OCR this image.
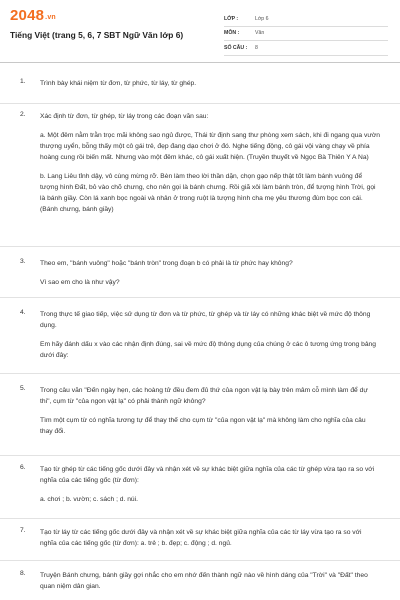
2048.vn
Tiếng Việt (trang 5, 6, 7 SBT Ngữ Văn lớp 6)
LỚP :	Lớp 6
MÔN :	Văn
SỐ CÂU :	8
1. Trình bày khái niệm từ đơn, từ phức, từ láy, từ ghép.

2. Xác định từ đơn, từ ghép, từ láy trong các đoạn văn sau:

a. Một đêm nằm trằn trọc mãi không sao ngủ được, Thái từ định sang thư phòng xem sách, khi đi ngang qua vườn thượng uyển, bỗng thấy một cô gái trẻ, đẹp đang dạo chơi ở đó. Nghe tiếng động, cô gái vội vàng chạy về phía hoàng cung rồi biến mất. Nhưng vào một đêm khác, cô gái xuất hiện. (Truyền thuyết về Ngọc Bà Thiên Y A Na)

b. Lang Liêu tỉnh dậy, vô cùng mừng rỡ. Bèn làm theo lời thần dặn, chọn gạo nếp thật tốt làm bánh vuông để tượng hình Đất, bỏ vào chõ chưng, cho nên gọi là bánh chưng. Rồi giã xôi làm bánh tròn, để tượng hình Trời, gọi là bánh giầy. Còn lá xanh bọc ngoài và nhân ở trong ruột là tượng hình cha mẹ yêu thương đùm bọc con cái. (Bánh chưng, bánh giầy)

3. Theo em, "bánh vuông" hoặc "bánh tròn" trong đoạn b có phải là từ phức hay không?

Vì sao em cho là như vậy?

4. Trong thực tế giao tiếp, việc sử dụng từ đơn và từ phức, từ ghép và từ láy có những khác biệt về mức độ thông dụng.

Em hãy đánh dấu x vào các nhận định đúng, sai về mức độ thông dụng của chúng ở các ô tương ứng trong bảng dưới đây:

5. Trong câu văn "Đến ngày hẹn, các hoàng tử đều đem đủ thứ của ngon vật lạ bày trên mâm cỗ mình làm để dự thi", cụm từ "của ngon vật lạ" có phải thành ngữ không?

Tìm một cụm từ có nghĩa tương tự để thay thế cho cụm từ "của ngon vật lạ" mà không làm cho nghĩa của câu thay đổi.

6. Tạo từ ghép từ các tiếng gốc dưới đây và nhận xét về sự khác biệt giữa nghĩa của các từ ghép vừa tạo ra so với nghĩa của các tiếng gốc (từ đơn):

a. chơi ; b. vườn; c. sách ; d. núi.

7. Tạo từ láy từ các tiếng gốc dưới đây và nhận xét về sự khác biệt giữa nghĩa của các từ láy vừa tạo ra so với nghĩa của các tiếng gốc (từ đơn): a. trẻ ; b. đẹp; c. động ; d. ngủ.

8. Truyện Bánh chưng, bánh giầy gợi nhắc cho em nhớ đến thành ngữ nào về hình dáng của "Trời" và "Đất" theo quan niệm dân gian.
